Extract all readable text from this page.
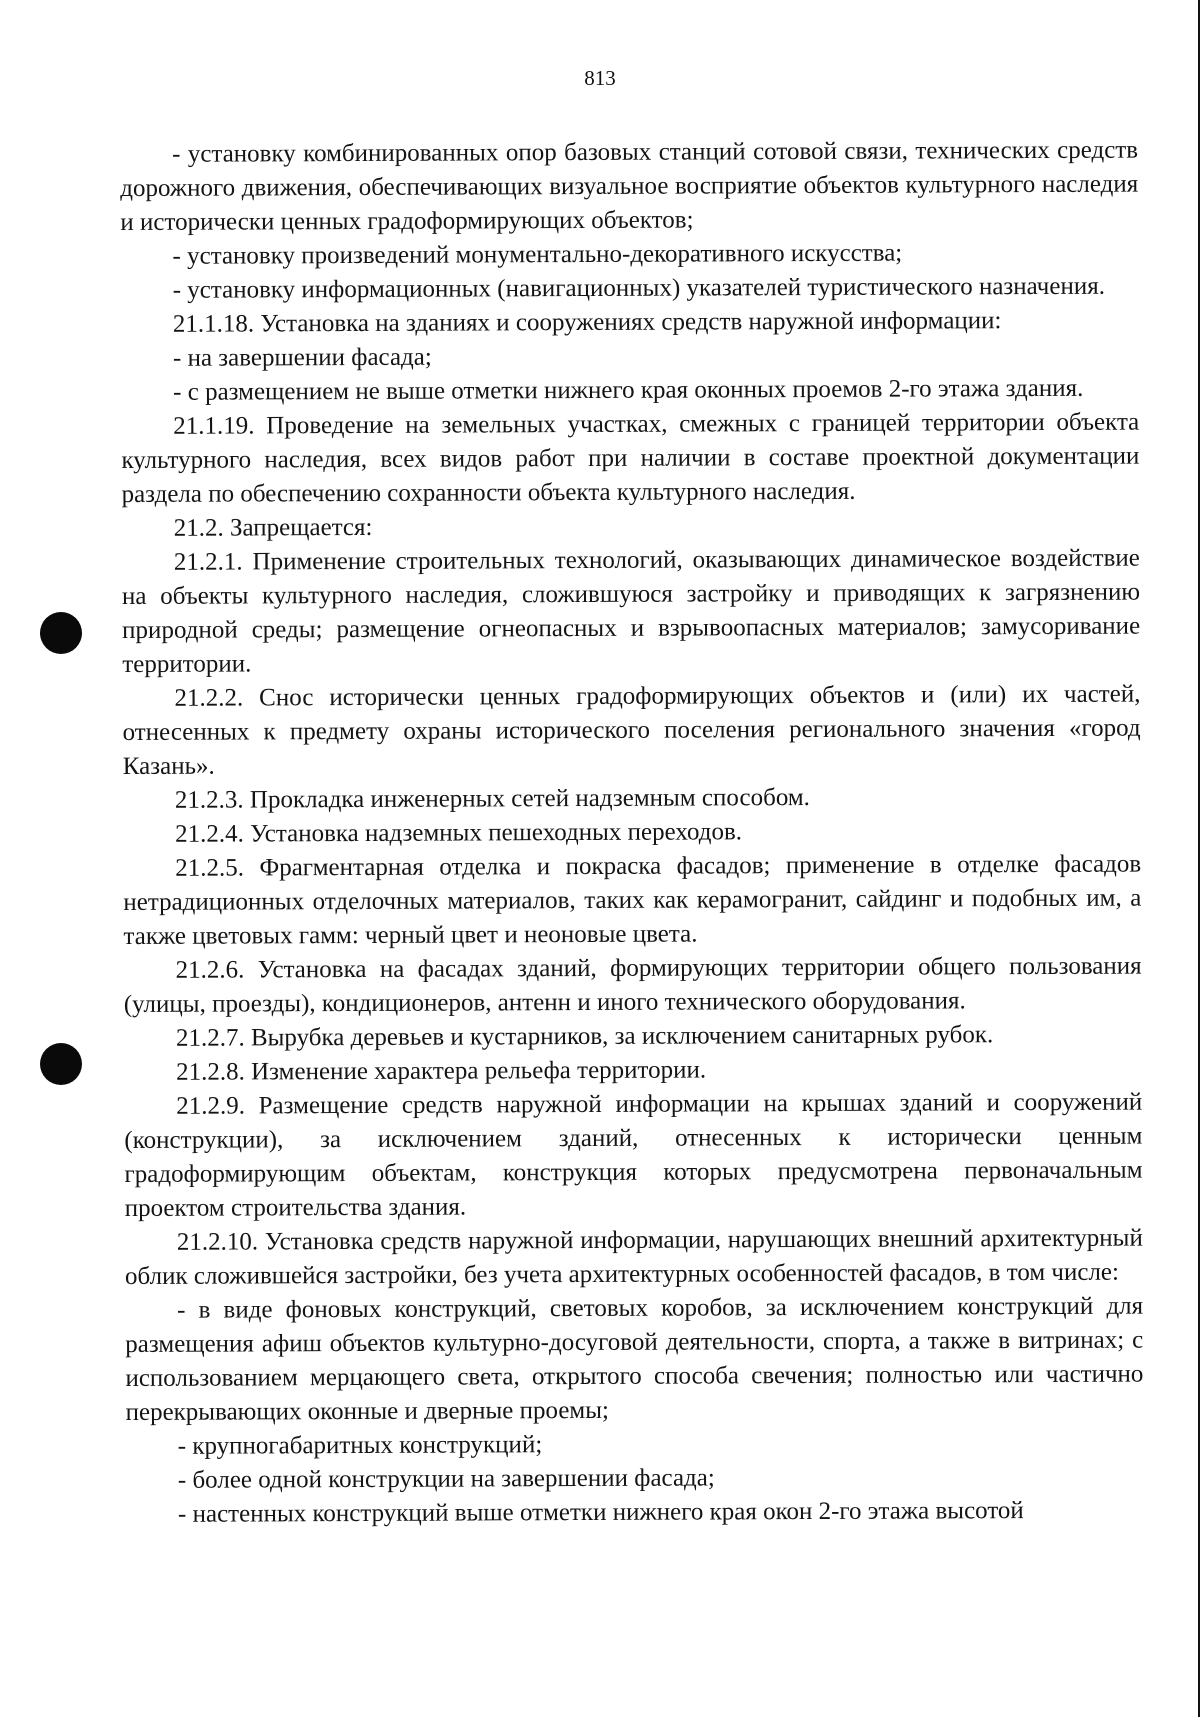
813

- установку комбинированных опор базовых станций сотовой связи, технических средств дорожного движения, обеспечивающих визуальное восприятие объектов культурного наследия и исторически ценных градоформирующих объектов;

- установку произведений монументально-декоративного искусства;

- установку информационных (навигационных) указателей туристического назначения.

21.1.18. Установка на зданиях и сооружениях средств наружной информации:

- на завершении фасада;

- с размещением не выше отметки нижнего края оконных проемов 2-го этажа здания.

21.1.19. Проведение на земельных участках, смежных с границей территории объекта культурного наследия, всех видов работ при наличии в составе проектной документации раздела по обеспечению сохранности объекта культурного наследия.

21.2. Запрещается:

21.2.1. Применение строительных технологий, оказывающих динамическое воздействие на объекты культурного наследия, сложившуюся застройку и приводящих к загрязнению природной среды; размещение огнеопасных и взрывоопасных материалов; замусоривание территории.

21.2.2. Снос исторически ценных градоформирующих объектов и (или) их частей, отнесенных к предмету охраны исторического поселения регионального значения «город Казань».

21.2.3. Прокладка инженерных сетей надземным способом.

21.2.4. Установка надземных пешеходных переходов.

21.2.5. Фрагментарная отделка и покраска фасадов; применение в отделке фасадов нетрадиционных отделочных материалов, таких как керамогранит, сайдинг и подобных им, а также цветовых гамм: черный цвет и неоновые цвета.

21.2.6. Установка на фасадах зданий, формирующих территории общего пользования (улицы, проезды), кондиционеров, антенн и иного технического оборудования.

21.2.7. Вырубка деревьев и кустарников, за исключением санитарных рубок.

21.2.8. Изменение характера рельефа территории.

21.2.9. Размещение средств наружной информации на крышах зданий и сооружений (конструкции), за исключением зданий, отнесенных к исторически ценным градоформирующим объектам, конструкция которых предусмотрена первоначальным проектом строительства здания.

21.2.10. Установка средств наружной информации, нарушающих внешний архитектурный облик сложившейся застройки, без учета архитектурных особенностей фасадов, в том числе:

- в виде фоновых конструкций, световых коробов, за исключением конструкций для размещения афиш объектов культурно-досуговой деятельности, спорта, а также в витринах; с использованием мерцающего света, открытого способа свечения; полностью или частично перекрывающих оконные и дверные проемы;

- крупногабаритных конструкций;

- более одной конструкции на завершении фасада;

- настенных конструкций выше отметки нижнего края окон 2-го этажа высотой
